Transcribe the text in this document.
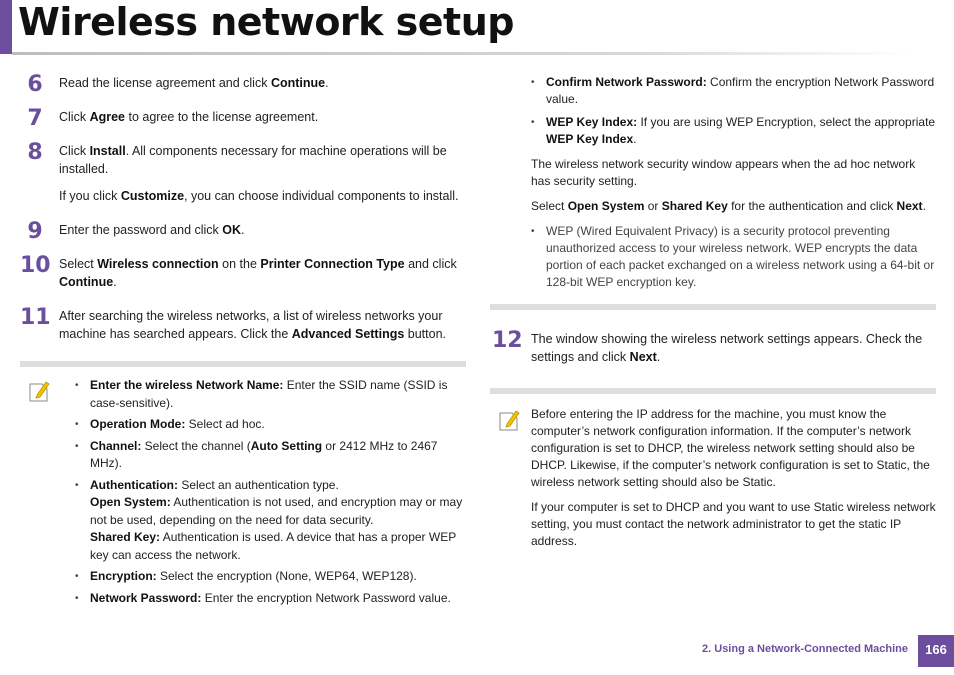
Wireless network setup
6	Read the license agreement and click Continue.

7	Click Agree to agree to the license agreement.

8	Click Install. All components necessary for machine operations will be installed.

If you click Customize, you can choose individual components to install.

9	Enter the password and click OK.

10 Select Wireless connection on the Printer Connection Type and click Continue.

11 After searching the wireless networks, a list of wireless networks your machine has searched appears. Click the Advanced Settings button.

• Enter the wireless Network Name: Enter the SSID name (SSID is case-sensitive).
• Operation Mode: Select ad hoc.
• Channel: Select the channel (Auto Setting or 2412 MHz to 2467 MHz).
• Authentication: Select an authentication type.
Open System: Authentication is not used, and encryption may or may not be used, depending on the need for data security.
Shared Key: Authentication is used. A device that has a proper WEP key can access the network.
• Encryption: Select the encryption (None, WEP64, WEP128).
• Network Password: Enter the encryption Network Password value.
• Confirm Network Password: Confirm the encryption Network Password value.
• WEP Key Index: If you are using WEP Encryption, select the appropriate WEP Key Index.

The wireless network security window appears when the ad hoc network has security setting.

Select Open System or Shared Key for the authentication and click Next.

• WEP (Wired Equivalent Privacy) is a security protocol preventing unauthorized access to your wireless network. WEP encrypts the data portion of each packet exchanged on a wireless network using a 64-bit or 128-bit WEP encryption key.
12 The window showing the wireless network settings appears. Check the settings and click Next.

Before entering the IP address for the machine, you must know the computer’s network configuration information. If the computer’s network configuration is set to DHCP, the wireless network setting should also be DHCP. Likewise, if the computer’s network configuration is set to Static, the wireless network setting should also be Static.

If your computer is set to DHCP and you want to use Static wireless network setting, you must contact the network administrator to get the static IP address.

2. Using a Network-Connected Machine	166
